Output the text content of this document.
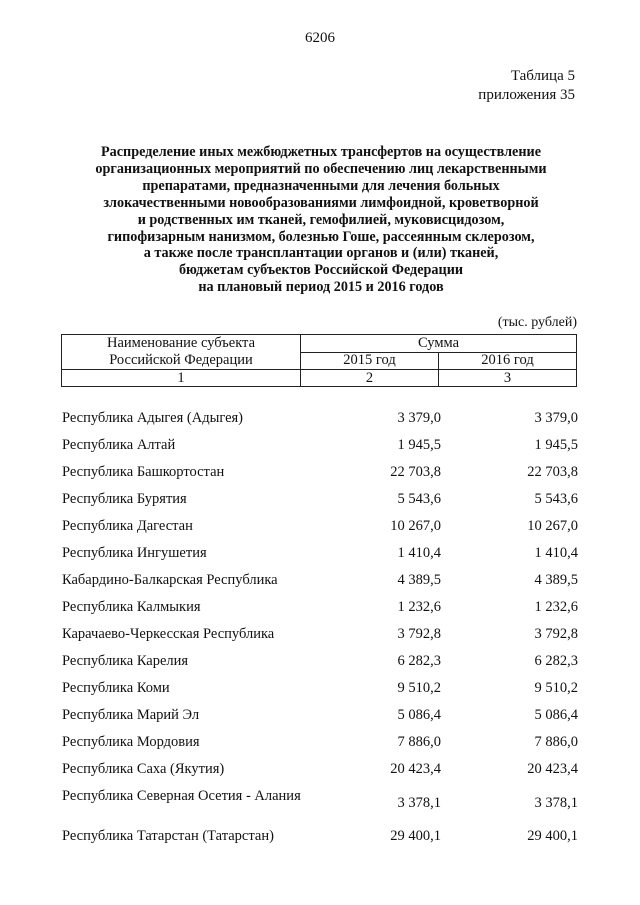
6206
Таблица 5
приложения 35
Распределение иных межбюджетных трансфертов на осуществление
организационных мероприятий по обеспечению лиц лекарственными
препаратами, предназначенными для лечения больных
злокачественными новообразованиями лимфоидной, кроветворной
и родственных им тканей, гемофилией, муковисцидозом,
гипофизарным нанизмом, болезнью Гоше, рассеянным склерозом,
а также после трансплантации органов и (или) тканей,
бюджетам субъектов Российской Федерации
на плановый период 2015 и 2016 годов
(тыс. рублей)
Наименование субъекта
Российской Федерации	Сумма	
	2015 год	2016 год
1	2	3
Республика Адыгея (Адыгея)	3 379,0	3 379,0
Республика Алтай	1 945,5	1 945,5
Республика Башкортостан	22 703,8	22 703,8
Республика Бурятия	5 543,6	5 543,6
Республика Дагестан	10 267,0	10 267,0
Республика Ингушетия	1 410,4	1 410,4
Кабардино-Балкарская Республика	4 389,5	4 389,5
Республика Калмыкия	1 232,6	1 232,6
Карачаево-Черкесская Республика	3 792,8	3 792,8
Республика Карелия	6 282,3	6 282,3
Республика Коми	9 510,2	9 510,2
Республика Марий Эл	5 086,4	5 086,4
Республика Мордовия	7 886,0	7 886,0
Республика Саха (Якутия)	20 423,4	20 423,4
Республика Северная Осетия - Алания	3 378,1	3 378,1
Республика Татарстан (Татарстан)	29 400,1	29 400,1
